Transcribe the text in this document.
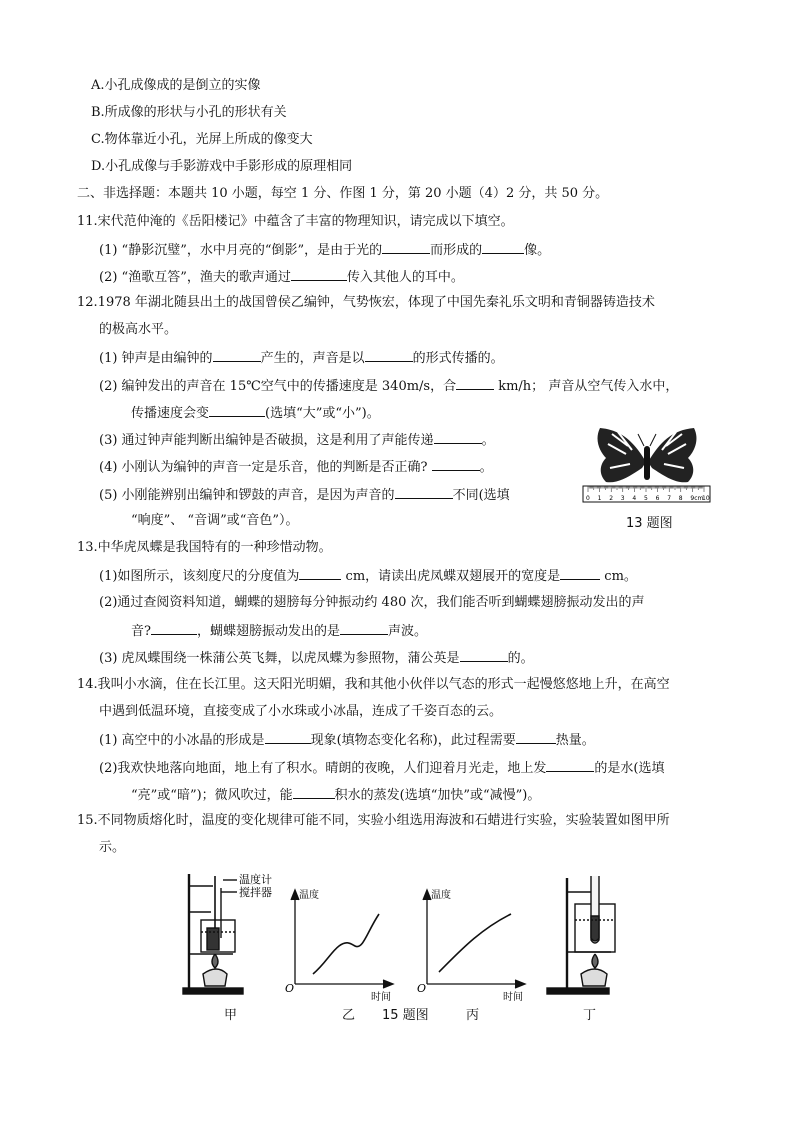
A.小孔成像成的是倒立的实像
B.所成像的形状与小孔的形状有关
C.物体靠近小孔，光屏上所成的像变大
D.小孔成像与手影游戏中手影形成的原理相同
二、非选择题：本题共 10 小题，每空 1 分、作图 1 分，第 20 小题（4）2 分，共 50 分。
11.宋代范仲淹的《岳阳楼记》中蕴含了丰富的物理知识，请完成以下填空。
(1) “静影沉璧”，水中月亮的“倒影”，是由于光的	而形成的	像。
(2) “渔歌互答”，渔夫的歌声通过	传入其他人的耳中。
12.1978 年湖北随县出土的战国曾侯乙编钟，气势恢宏，体现了中国先秦礼乐文明和青铜器铸造技术
的极高水平。
(1) 钟声是由编钟的	产生的，声音是以	的形式传播的。
(2) 编钟发出的声音在 15℃空气中的传播速度是 340m/s，合	km/h； 声音从空气传入水中，
传播速度会变	(选填“大”或“小”)。
(3) 通过钟声能判断出编钟是否破损，这是利用了声能传递	。
(4) 小刚认为编钟的声音一定是乐音，他的判断是否正确?	。
(5) 小刚能辨别出编钟和锣鼓的声音，是因为声音的	不同(选填
“响度”、 “音调”或“音色”）。
0 1 2 3 4 5 6 7 8 9cm
10
13 题图
13.中华虎凤蝶是我国特有的一种珍惜动物。
(1)如图所示，该刻度尺的分度值为	cm，请读出虎凤蝶双翅展开的宽度是	cm。
(2)通过查阅资料知道，蝴蝶的翅膀每分钟振动约 480 次，我们能否听到蝴蝶翅膀振动发出的声
音?	，蝴蝶翅膀振动发出的是	声波。
(3) 虎凤蝶围绕一株蒲公英飞舞，以虎凤蝶为参照物，蒲公英是	的。
14.我叫小水滴，住在长江里。这天阳光明媚，我和其他小伙伴以气态的形式一起慢悠悠地上升，在高空
中遇到低温环境，直接变成了小水珠或小冰晶，连成了千姿百态的云。
(1) 高空中的小冰晶的形成是	现象(填物态变化名称)，此过程需要	热量。
(2)我欢快地落向地面，地上有了积水。晴朗的夜晚，人们迎着月光走，地上发	的是水(选填
“亮”或“暗”)；微风吹过，能	积水的蒸发(选填“加快”或“减慢”)。
15.不同物质熔化时，温度的变化规律可能不同，实验小组选用海波和石蜡进行实验，实验装置如图甲所
示。
温度计
搅拌器	温度
时间
O
温度
时间
O
甲	乙 15 题图	丙	丁
